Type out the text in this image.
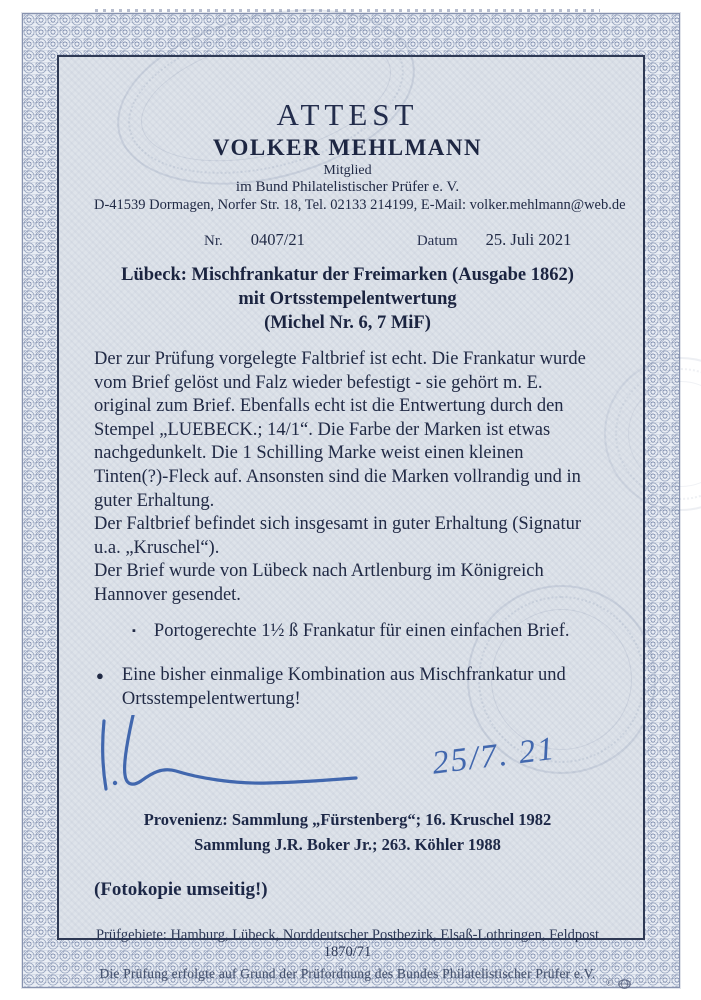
ATTEST
VOLKER MEHLMANN
Mitglied
im Bund Philatelistischer Prüfer e. V.
D-41539 Dormagen, Norfer Str. 18, Tel. 02133 214199, E-Mail: volker.mehlmann@web.de
Nr. 0407/21	Datum 25. Juli 2021
Lübeck: Mischfrankatur der Freimarken (Ausgabe 1862)
mit Ortsstempelentwertung
(Michel Nr. 6, 7 MiF)

Der zur Prüfung vorgelegte Faltbrief ist echt. Die Frankatur wurde vom Brief gelöst und Falz wieder befestigt - sie gehört m. E. original zum Brief. Ebenfalls echt ist die Entwertung durch den Stempel „LUEBECK.; 14/1“. Die Farbe der Marken ist etwas nachgedunkelt. Die 1 Schilling Marke weist einen kleinen Tinten(?)-Fleck auf. Ansonsten sind die Marken vollrandig und in guter Erhaltung.

Der Faltbrief befindet sich insgesamt in guter Erhaltung (Signatur u.a. „Kruschel“).

Der Brief wurde von Lübeck nach Artlenburg im Königreich Hannover gesendet.

▪ Portogerechte 1½ ß Frankatur für einen einfachen Brief.
● Eine bisher einmalige Kombination aus Mischfrankatur und Ortsstempelentwertung!
25/7. 21
Provenienz: Sammlung „Fürstenberg“; 16. Kruschel 1982
Sammlung J.R. Boker Jr.; 263. Köhler 1988
(Fotokopie umseitig!)
Prüfgebiete: Hamburg, Lübeck, Norddeutscher Postbezirk, Elsaß-Lothringen, Feldpost 1870/71
Die Prüfung erfolgte auf Grund der Prüfordnung des Bundes Philatelistischer Prüfer e.V.
©	·········· ·······
